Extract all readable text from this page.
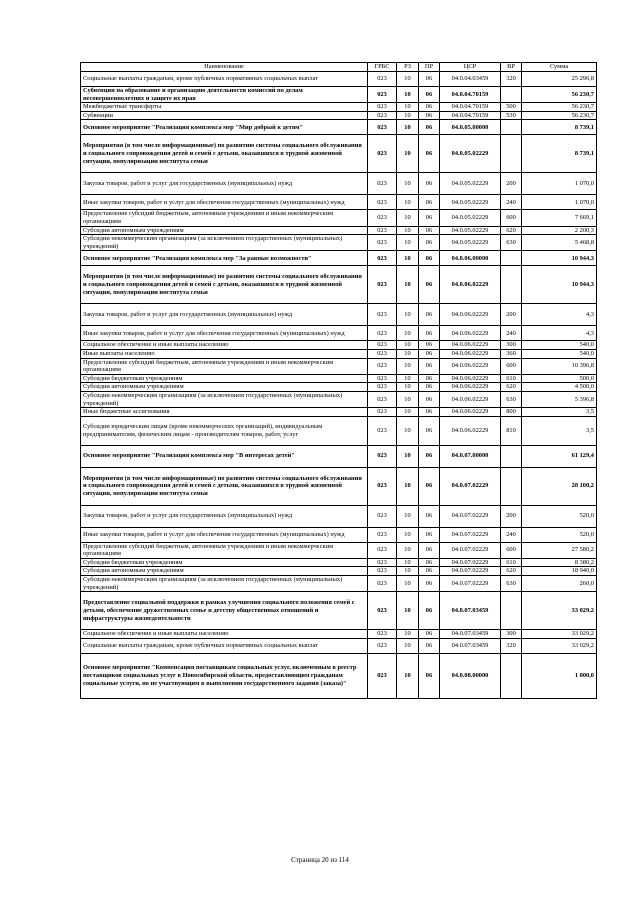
Наименование	ГРБС	РЗ	ПР	ЦСР	ВР	Сумма
Социальные выплаты гражданам, кроме публичных нормативных социальных выплат	023	10	06	04.0.04.03459	320	25 296,8
Субвенции на образование и организацию деятельности комиссий по делам несовершеннолетних и защите их прав	023	10	06	04.0.04.70159		56 230,7
Межбюджетные трансферты	023	10	06	04.0.04.70159	500	56 230,7
Субвенции	023	10	06	04.0.04.70159	530	56 230,7
Основное мероприятие "Реализация комплекса мер "Мир добрый к детям"	023	10	06	04.0.05.00000		8 739,1
Мероприятия (в том числе информационные) по развитию системы социального обслуживания и социального сопровождения детей и семей с детьми, оказавшихся в трудной жизненной ситуации, популяризации института семьи	023	10	06	04.0.05.02229		8 739,1
Закупка товаров, работ и услуг для государственных (муниципальных) нужд	023	10	06	04.0.05.02229	200	1 070,0
Иные закупки товаров, работ и услуг для обеспечения государственных (муниципальных) нужд	023	10	06	04.0.05.02229	240	1 070,0
Предоставление субсидий бюджетным, автономным учреждениям и иным некоммерческим организациям	023	10	06	04.0.05.02229	600	7 669,1
Субсидии автономным учреждениям	023	10	06	04.0.05.02229	620	2 200,3
Субсидии некоммерческим организациям (за исключением государственных (муниципальных) учреждений)	023	10	06	04.0.05.02229	630	5 468,8
Основное мероприятие "Реализация комплекса мер "За равные возможности"	023	10	06	04.0.06.00000		10 944,3
Мероприятия (в том числе информационные) по развитию системы социального обслуживания и социального сопровождения детей и семей с детьми, оказавшихся в трудной жизненной ситуации, популяризации института семьи	023	10	06	04.0.06.02229		10 944,3
Закупка товаров, работ и услуг для государственных (муниципальных) нужд	023	10	06	04.0.06.02229	200	4,3
Иные закупки товаров, работ и услуг для обеспечения государственных (муниципальных) нужд	023	10	06	04.0.06.02229	240	4,3
Социальное обеспечение и иные выплаты населению	023	10	06	04.0.06.02229	300	540,0
Иные выплаты населению	023	10	06	04.0.06.02229	360	540,0
Предоставление субсидий бюджетным, автономным учреждениям и иным некоммерческим организациям	023	10	06	04.0.06.02229	600	10 396,8
Субсидии бюджетным учреждениям	023	10	06	04.0.06.02229	610	500,0
Субсидии автономным учреждениям	023	10	06	04.0.06.02229	620	4 500,0
Субсидии некоммерческим организациям (за исключением государственных (муниципальных) учреждений)	023	10	06	04.0.06.02229	630	5 396,8
Иные бюджетные ассигнования	023	10	06	04.0.06.02229	800	3,5
Субсидии юридическим лицам (кроме некоммерческих организаций), индивидуальным предпринимателям, физическим лицам - производителям товаров, работ, услуг	023	10	06	04.0.06.02229	810	3,5
Основное мероприятие "Реализация комплекса мер "В интересах детей"	023	10	06	04.0.07.00000		61 129,4
Мероприятия (в том числе информационные) по развитию системы социального обслуживания и социального сопровождения детей и семей с детьми, оказавшихся в трудной жизненной ситуации, популяризации института семьи	023	10	06	04.0.07.02229		28 100,2
Закупка товаров, работ и услуг для государственных (муниципальных) нужд	023	10	06	04.0.07.02229	200	520,0
Иные закупки товаров, работ и услуг для обеспечения государственных (муниципальных) нужд	023	10	06	04.0.07.02229	240	520,0
Предоставление субсидий бюджетным, автономным учреждениям и иным некоммерческим организациям	023	10	06	04.0.07.02229	600	27 580,2
Субсидии бюджетным учреждениям	023	10	06	04.0.07.02229	610	8 380,2
Субсидии автономным учреждениям	023	10	06	04.0.07.02229	620	18 940,0
Субсидии некоммерческим организациям (за исключением государственных (муниципальных) учреждений)	023	10	06	04.0.07.02229	630	260,0
Предоставление социальной поддержки в рамках улучшения социального положения семей с детьми, обеспечение дружественных семье и детству общественных отношений и инфраструктуры жизнедеятельности	023	10	06	04.0.07.03459		33 029,2
Социальное обеспечение и иные выплаты населению	023	10	06	04.0.07.03459	300	33 029,2
Социальные выплаты гражданам, кроме публичных нормативных социальных выплат	023	10	06	04.0.07.03459	320	33 029,2
Основное мероприятие "Компенсация поставщикам социальных услуг, включенным в реестр поставщиков социальных услуг в Новосибирской области, предоставляющим гражданам социальные услуги, но не участвующим в выполнении государственного задания (заказа)"	023	10	06	04.0.08.00000		1 000,0
Страница 20 из 114
